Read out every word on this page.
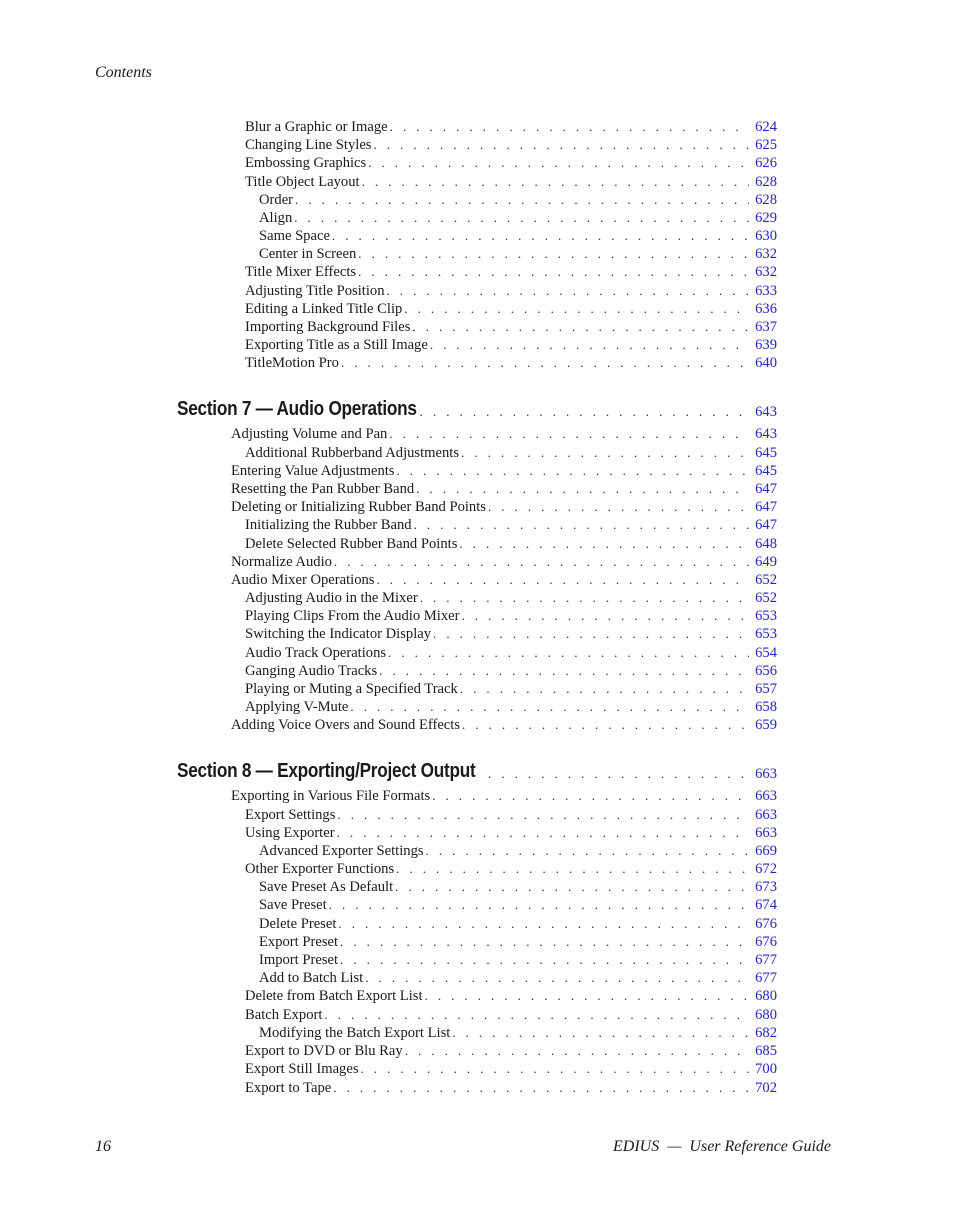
Contents
Blur a Graphic or Image . . .	624
Changing Line Styles . . .	625
Embossing Graphics . . .	626
Title Object Layout . . .	628
Order . . .	628
Align . . .	629
Same Space . . .	630
Center in Screen . . .	632
Title Mixer Effects . . .	632
Adjusting Title Position . . .	633
Editing a Linked Title Clip . . .	636
Importing Background Files . . .	637
Exporting Title as a Still Image . . .	639
TitleMotion Pro . . .	640
Section 7 — Audio Operations . . .	643
Adjusting Volume and Pan . . .	643
Additional Rubberband Adjustments . . .	645
Entering Value Adjustments . . .	645
Resetting the Pan Rubber Band . . .	647
Deleting or Initializing Rubber Band Points . . .	647
Initializing the Rubber Band . . .	647
Delete Selected Rubber Band Points . . .	648
Normalize Audio . . .	649
Audio Mixer Operations . . .	652
Adjusting Audio in the Mixer . . .	652
Playing Clips From the Audio Mixer . . .	653
Switching the Indicator Display . . .	653
Audio Track Operations . . .	654
Ganging Audio Tracks . . .	656
Playing or Muting a Specified Track . . .	657
Applying V-Mute . . .	658
Adding Voice Overs and Sound Effects . . .	659
Section 8 — Exporting/Project Output . . .	663
Exporting in Various File Formats . . .	663
Export Settings . . .	663
Using Exporter . . .	663
Advanced Exporter Settings . . .	669
Other Exporter Functions . . .	672
Save Preset As Default . . .	673
Save Preset . . .	674
Delete Preset . . .	676
Export Preset . . .	676
Import Preset . . .	677
Add to Batch List . . .	677
Delete from Batch Export List . . .	680
Batch Export . . .	680
Modifying the Batch Export List . . .	682
Export to DVD or Blu Ray . . .	685
Export Still Images . . .	700
Export to Tape . . .	702
16	EDIUS  —  User Reference Guide
